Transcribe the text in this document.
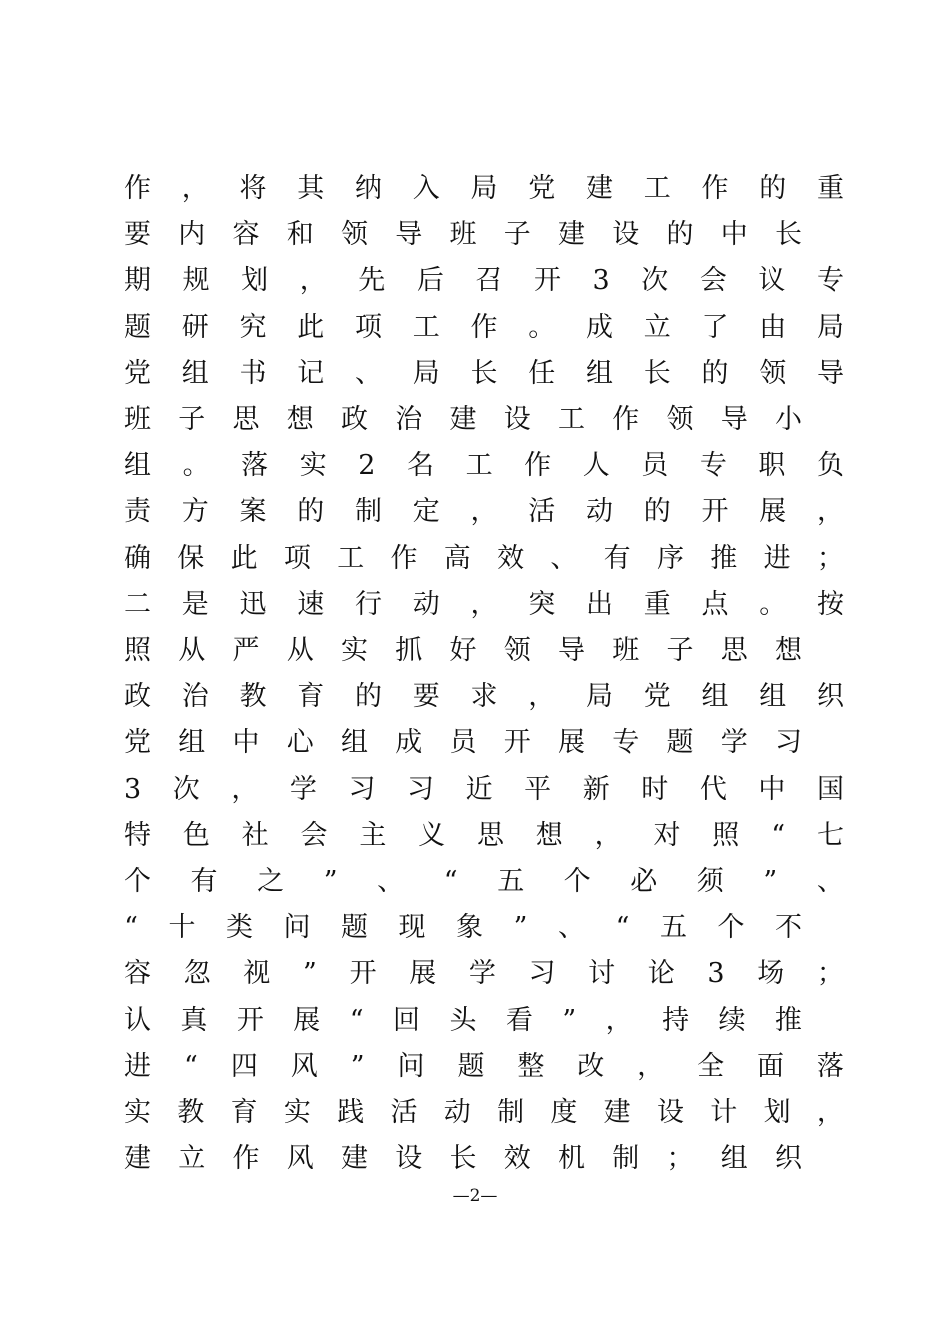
作 ， 将 其 纳 入 局 党 建 工 作 的 重
要 内 容 和 领 导 班 子 建 设 的 中 长
期 规 划 ， 先 后 召 开 3 次 会 议 专
题 研 究 此 项 工 作 。 成 立 了 由 局
党 组 书 记 、 局 长 任 组 长 的 领 导
班 子 思 想 政 治 建 设 工 作 领 导 小
组 。 落 实 2 名 工 作 人 员 专 职 负
责 方 案 的 制 定 ， 活 动 的 开 展 ，
确 保 此 项 工 作 高 效 、 有 序 推 进 ；
二 是 迅 速 行 动 ， 突 出 重 点 。 按
照 从 严 从 实 抓 好 领 导 班 子 思 想
政 治 教 育 的 要 求 ， 局 党 组 组 织
党 组 中 心 组 成 员 开 展 专 题 学 习
3 次 ， 学 习 习 近 平 新 时 代 中 国
特 色 社 会 主 义 思 想 ， 对 照 “ 七
个 有 之 ” 、 “ 五 个 必 须 ” 、
“ 十 类 问 题 现 象 ” 、 “ 五 个 不
容 忽 视 ” 开 展 学 习 讨 论 3 场 ；
认 真 开 展 “ 回 头 看 ” ， 持 续 推
进 “ 四 风 ” 问 题 整 改 ， 全 面 落
实 教 育 实 践 活 动 制 度 建 设 计 划 ，
建 立 作 风 建 设 长 效 机 制 ； 组 织
—2—
